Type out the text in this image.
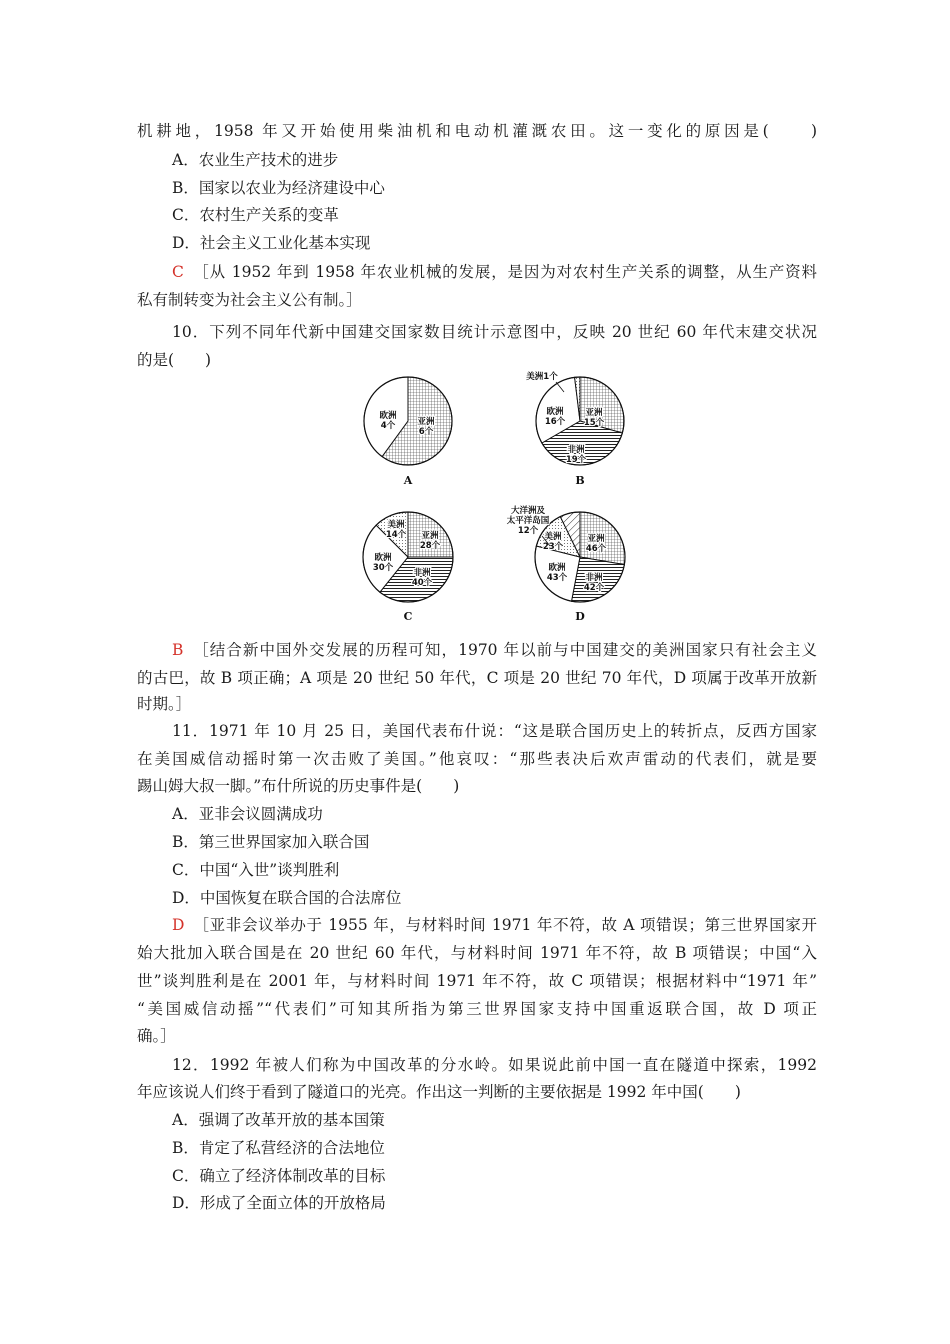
机耕地，1958 年又开始使用柴油机和电动机灌溉农田。这一变化的原因是(　　)
A．农业生产技术的进步
B．国家以农业为经济建设中心
C．农村生产关系的变革
D．社会主义工业化基本实现
C　 ［从 1952 年到 1958 年农业机械的发展，是因为对农村生产关系的调整，从生产资料
私有制转变为社会主义公有制。］
10．下列不同年代新中国建交国家数目统计示意图中，反映 20 世纪 60 年代末建交状况
的是(　　)
亚洲 6个
欧洲 4个
A
亚洲 15个
非洲 19个
欧洲 16个
美洲1个
B
亚洲 28个
非洲 40个
欧洲 30个
美洲 14个
C
亚洲 46个
非洲 42个
欧洲 43个
美洲 23个
大洋洲及太平洋岛国 12个
D
B　 ［结合新中国外交发展的历程可知，1970 年以前与中国建交的美洲国家只有社会主义
的古巴，故 B 项正确；A 项是 20 世纪 50 年代，C 项是 20 世纪 70 年代，D 项属于改革开放新
时期。］
11．1971 年 10 月 25 日，美国代表布什说：“这是联合国历史上的转折点，反西方国家
在美国威信动摇时第一次击败了美国。”他哀叹：“那些表决后欢声雷动的代表们，就是要
踢山姆大叔一脚。”布什所说的历史事件是(　　)
A．亚非会议圆满成功
B．第三世界国家加入联合国
C．中国“入世”谈判胜利
D．中国恢复在联合国的合法席位
D　 ［亚非会议举办于 1955 年，与材料时间 1971 年不符，故 A 项错误；第三世界国家开
始大批加入联合国是在 20 世纪 60 年代，与材料时间 1971 年不符，故 B 项错误；中国“入
世”谈判胜利是在 2001 年，与材料时间 1971 年不符，故 C 项错误；根据材料中“1971 年”
“美国威信动摇”“代表们”可知其所指为第三世界国家支持中国重返联合国，故 D 项正
确。］
12．1992 年被人们称为中国改革的分水岭。如果说此前中国一直在隧道中探索，1992
年应该说人们终于看到了隧道口的光亮。作出这一判断的主要依据是 1992 年中国(　　)
A．强调了改革开放的基本国策
B．肯定了私营经济的合法地位
C．确立了经济体制改革的目标
D．形成了全面立体的开放格局
